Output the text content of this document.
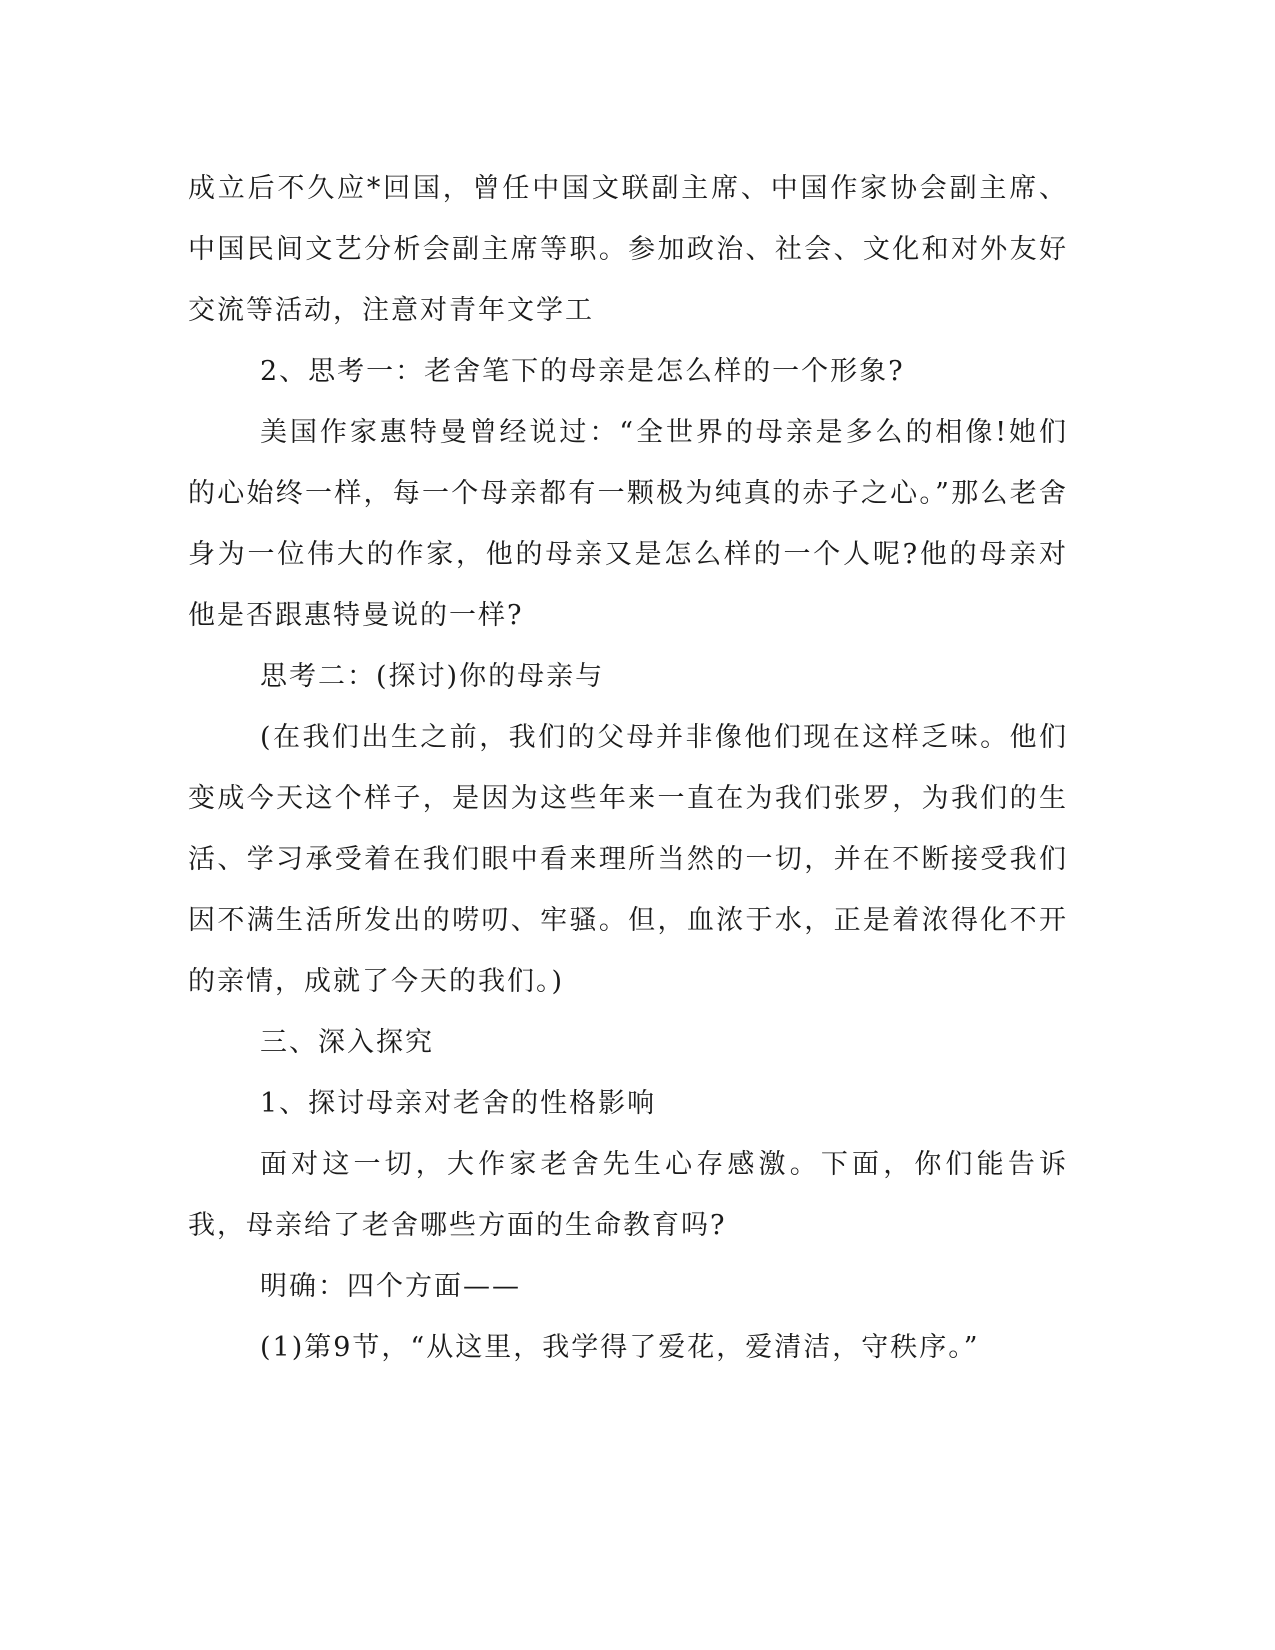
成立后不久应*回国，曾任中国文联副主席、中国作家协会副主席、中国民间文艺分析会副主席等职。参加政治、社会、文化和对外友好交流等活动，注意对青年文学工

2、思考一：老舍笔下的母亲是怎么样的一个形象?

美国作家惠特曼曾经说过：“全世界的母亲是多么的相像!她们的心始终一样，每一个母亲都有一颗极为纯真的赤子之心。”那么老舍身为一位伟大的作家，他的母亲又是怎么样的一个人呢?他的母亲对他是否跟惠特曼说的一样?

思考二：(探讨)你的母亲与

(在我们出生之前，我们的父母并非像他们现在这样乏味。他们变成今天这个样子，是因为这些年来一直在为我们张罗，为我们的生活、学习承受着在我们眼中看来理所当然的一切，并在不断接受我们因不满生活所发出的唠叨、牢骚。但，血浓于水，正是着浓得化不开的亲情，成就了今天的我们。)

三、深入探究

1、探讨母亲对老舍的性格影响

面对这一切，大作家老舍先生心存感激。下面，你们能告诉我，母亲给了老舍哪些方面的生命教育吗?

明确：四个方面——

(1)第9节，“从这里，我学得了爱花，爱清洁，守秩序。”
